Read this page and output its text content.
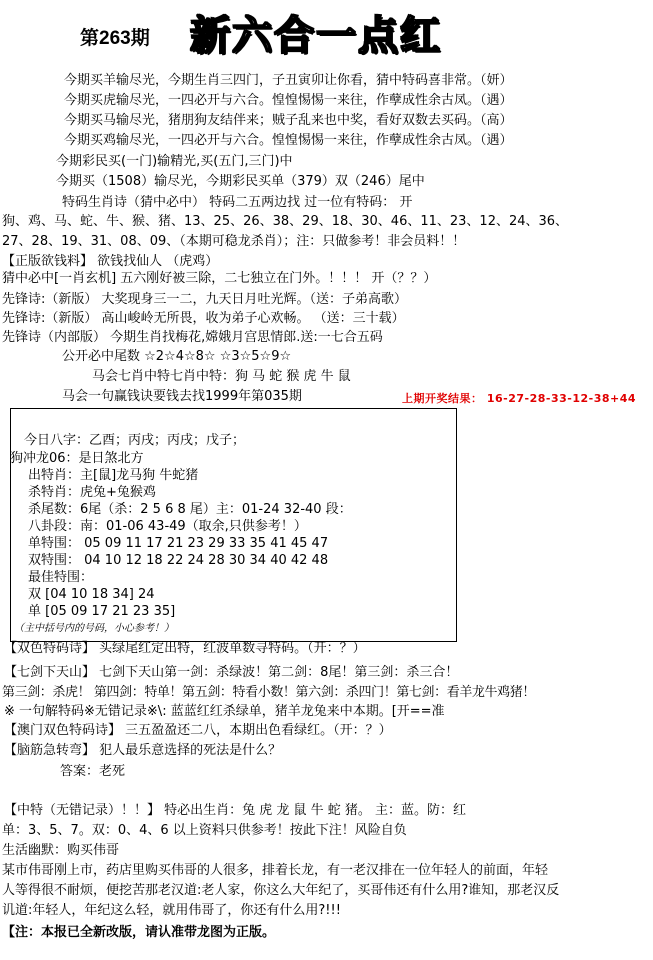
第263期 新六合一点红
今期买羊输尽光，今期生肖三四门，子丑寅卯让你看，猜中特码喜非常。（妍）
今期买虎输尽光，一四必开与六合。惶惶惕惕一来往，作孽成性余古凤。（遇）
今期买马输尽光，猪朋狗友结伴来；贼子乱来也中奖，看好双数去买码。（高）
今期买鸡输尽光，一四必开与六合。惶惶惕惕一来往，作孽成性余古凤。（遇）
今期彩民买(一门)输精光,买(五门,三门)中
今期买（1508）输尽光，今期彩民买单（379）双（246）尾中
特码生肖诗（猜中必中） 特码二五两边找 过一位有特码： 开
狗、鸡、马、蛇、牛、猴、猪、13、25、26、38、29、18、30、46、11、23、12、24、36、
27、28、19、31、08、09、（本期可稳龙杀肖）；注：只做参考！非会员料！！
【正版欲钱料】 欲钱找仙人 （虎鸡）
猜中必中[一肖玄机] 五六刚好被三除，二七独立在门外。！！！ 开（？？）
先锋诗:（新版） 大奖现身三一二，九天日月吐光辉。（送：子弟高歌）
先锋诗:（新版） 高山峻岭无所畏，收为弟子心欢畅。 （送：三十载）
先锋诗（内部版） 今期生肖找梅花,嫦娥月宫思情郎.送:一七合五码
公开必中尾数 ☆2☆4☆8☆ ☆3☆5☆9☆
马会七肖中特七肖中特：狗 马 蛇 猴 虎 牛 鼠
马会一句赢钱诀要钱去找1999年第035期	上期开奖结果： 16-27-28-33-12-38+44
今日八字：乙酉；丙戌；丙戌；戊子；
狗冲龙06：是日煞北方
出特肖：主[鼠]龙马狗 牛蛇猪
杀特肖：虎兔+兔猴鸡
杀尾数：6尾（杀：2 5 6 8 尾）主：01-24 32-40 段：
八卦段：南：01-06 43-49（取余,只供参考！）
单特围： 05 09 11 17 21 23 29 33 35 41 45 47
双特围： 04 10 12 18 22 24 28 30 34 40 42 48
最佳特围：
双 [04 10 18 34] 24
单 [05 09 17 21 23 35]
（主中括号内的号码，小心参考！）
【双色特码诗】 头绿尾红定出特，红波单数寻特码。（开：？）
【七剑下天山】 七剑下天山第一剑：杀绿波！第二剑：8尾！第三剑：杀三合！
第三剑：杀虎！ 第四剑：特单！第五剑：特看小数！第六剑：杀四门！第七剑：看羊龙牛鸡猪！
※ 一句解特码※无错记录※\: 蓝蓝红红杀绿单，猪羊龙兔来中本期。[开==准
【澳门双色特码诗】 三五盈盈还二八，本期出色看绿红。（开：？）
【脑筋急转弯】 犯人最乐意选择的死法是什么？
答案：老死
【中特（无错记录）！！】 特必出生肖：兔 虎 龙 鼠 牛 蛇 猪。 主：蓝。防：红
单：3、5、7。双：0、4、6 以上资料只供参考！按此下注！风险自负
生活幽默：购买伟哥
某市伟哥刚上市，药店里购买伟哥的人很多，排着长龙，有一老汉排在一位年轻人的前面，年轻
人等得很不耐烦，便挖苦那老汉道:老人家，你这么大年纪了，买哥伟还有什么用?谁知，那老汉反
讥道:年轻人，年纪这么轻，就用伟哥了，你还有什么用?!!!
【注：本报已全新改版，请认准带龙图为正版。
